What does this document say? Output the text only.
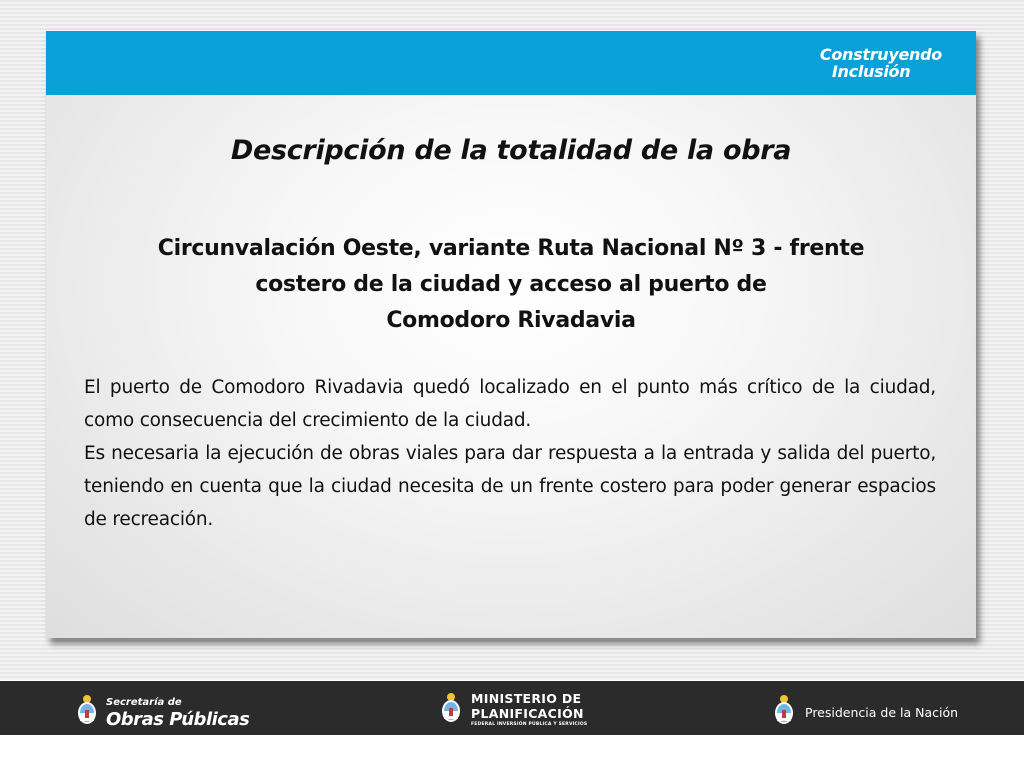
Construyendo
Inclusión
Descripción de la totalidad de la obra
Circunvalación Oeste, variante Ruta Nacional Nº 3 - frente
costero de la ciudad y acceso al puerto de
Comodoro Rivadavia

El puerto de Comodoro Rivadavia quedó localizado en el punto más crítico de la ciudad, como consecuencia del crecimiento de la ciudad.

Es necesaria la ejecución de obras viales para dar respuesta a la entrada y salida del puerto, teniendo en cuenta que la ciudad necesita de un frente costero para poder generar espacios de recreación.

Secretaría de
Obras Públicas
MINISTERIO DE
PLANIFICACIÓN
FEDERAL INVERSIÓN PÚBLICA Y SERVICIOS
Presidencia de la Nación
